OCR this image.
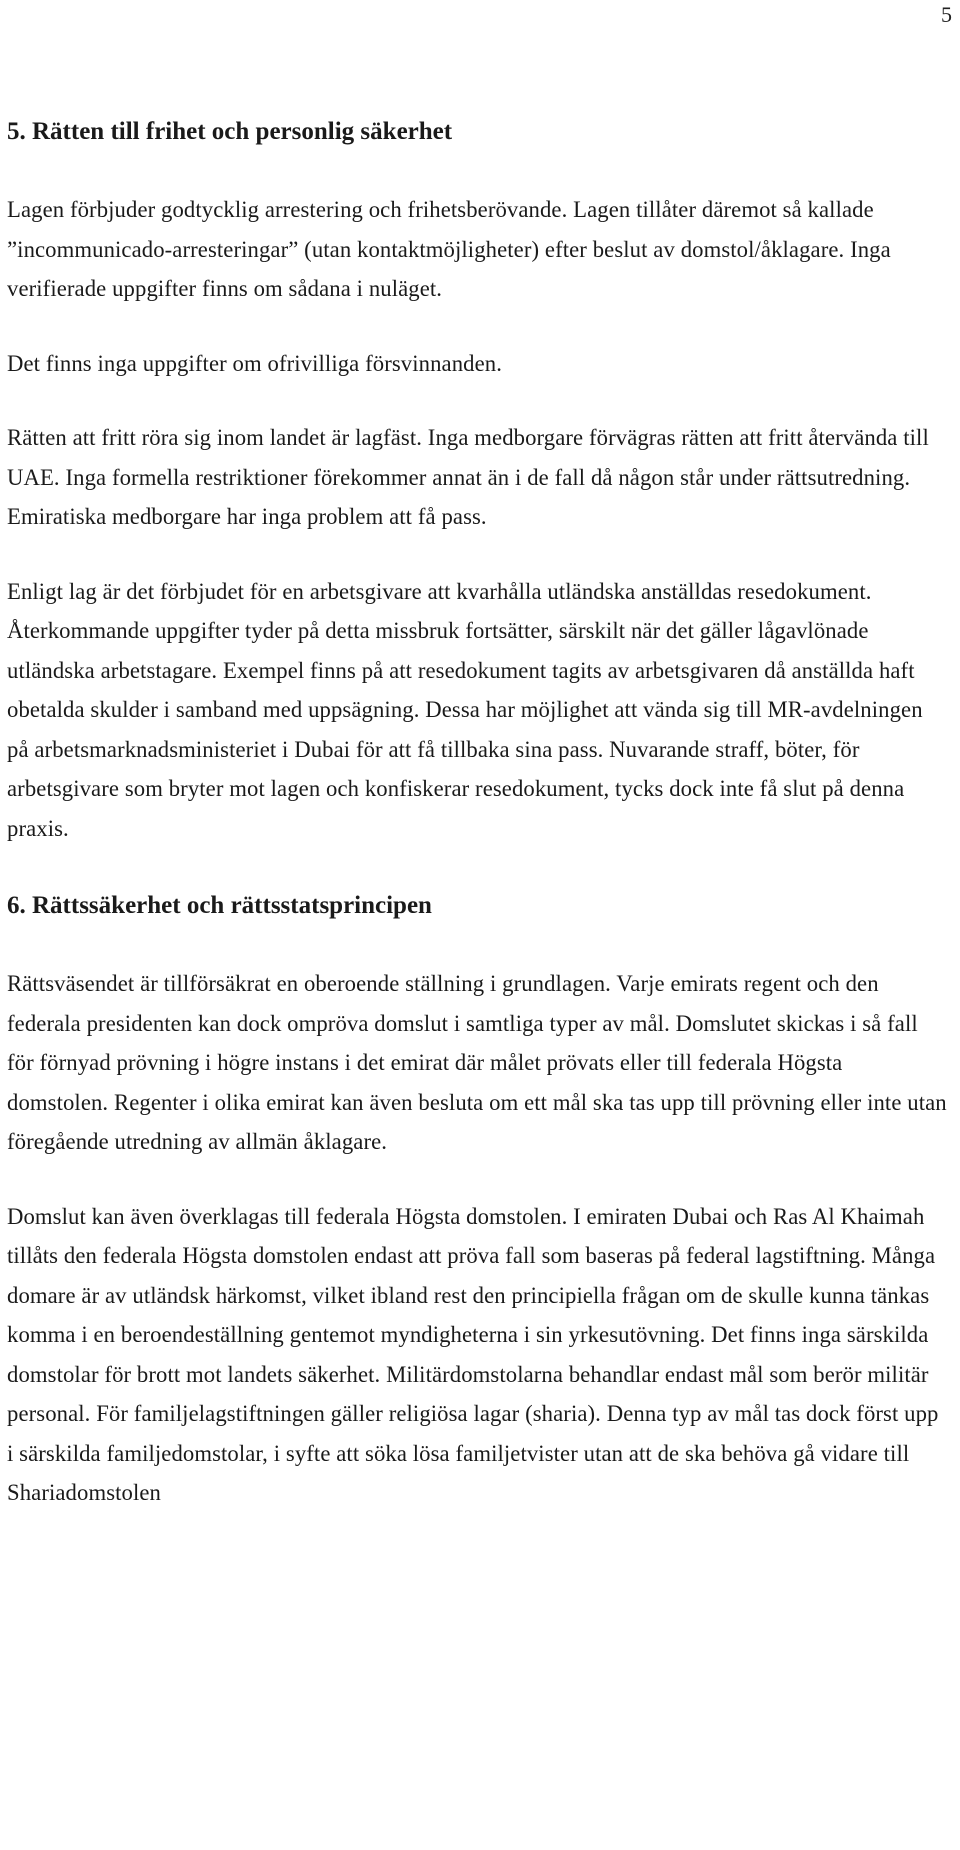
5
5. Rätten till frihet och personlig säkerhet

Lagen förbjuder godtycklig arrestering och frihetsberövande. Lagen tillåter däremot så kallade ”incommunicado-arresteringar” (utan kontaktmöjligheter) efter beslut av domstol/åklagare. Inga verifierade uppgifter finns om sådana i nuläget.

Det finns inga uppgifter om ofrivilliga försvinnanden.

Rätten att fritt röra sig inom landet är lagfäst. Inga medborgare förvägras rätten att fritt återvända till UAE. Inga formella restriktioner förekommer annat än i de fall då någon står under rättsutredning. Emiratiska medborgare har inga problem att få pass.

Enligt lag är det förbjudet för en arbetsgivare att kvarhålla utländska anställdas resedokument. Återkommande uppgifter tyder på detta missbruk fortsätter, särskilt när det gäller lågavlönade utländska arbetstagare. Exempel finns på att resedokument tagits av arbetsgivaren då anställda haft obetalda skulder i samband med uppsägning. Dessa har möjlighet att vända sig till MR-avdelningen på arbetsmarknadsministeriet i Dubai för att få tillbaka sina pass. Nuvarande straff, böter, för arbetsgivare som bryter mot lagen och konfiskerar resedokument, tycks dock inte få slut på denna praxis.

6. Rättssäkerhet och rättsstatsprincipen

Rättsväsendet är tillförsäkrat en oberoende ställning i grundlagen. Varje emirats regent och den federala presidenten kan dock ompröva domslut i samtliga typer av mål. Domslutet skickas i så fall för förnyad prövning i högre instans i det emirat där målet prövats eller till federala Högsta domstolen. Regenter i olika emirat kan även besluta om ett mål ska tas upp till prövning eller inte utan föregående utredning av allmän åklagare.

Domslut kan även överklagas till federala Högsta domstolen. I emiraten Dubai och Ras Al Khaimah tillåts den federala Högsta domstolen endast att pröva fall som baseras på federal lagstiftning. Många domare är av utländsk härkomst, vilket ibland rest den principiella frågan om de skulle kunna tänkas komma i en beroendeställning gentemot myndigheterna i sin yrkesutövning. Det finns inga särskilda domstolar för brott mot landets säkerhet. Militärdomstolarna behandlar endast mål som berör militär personal. För familjelagstiftningen gäller religiösa lagar (sharia). Denna typ av mål tas dock först upp i särskilda familjedomstolar, i syfte att söka lösa familjetvister utan att de ska behöva gå vidare till Shariadomstolen
